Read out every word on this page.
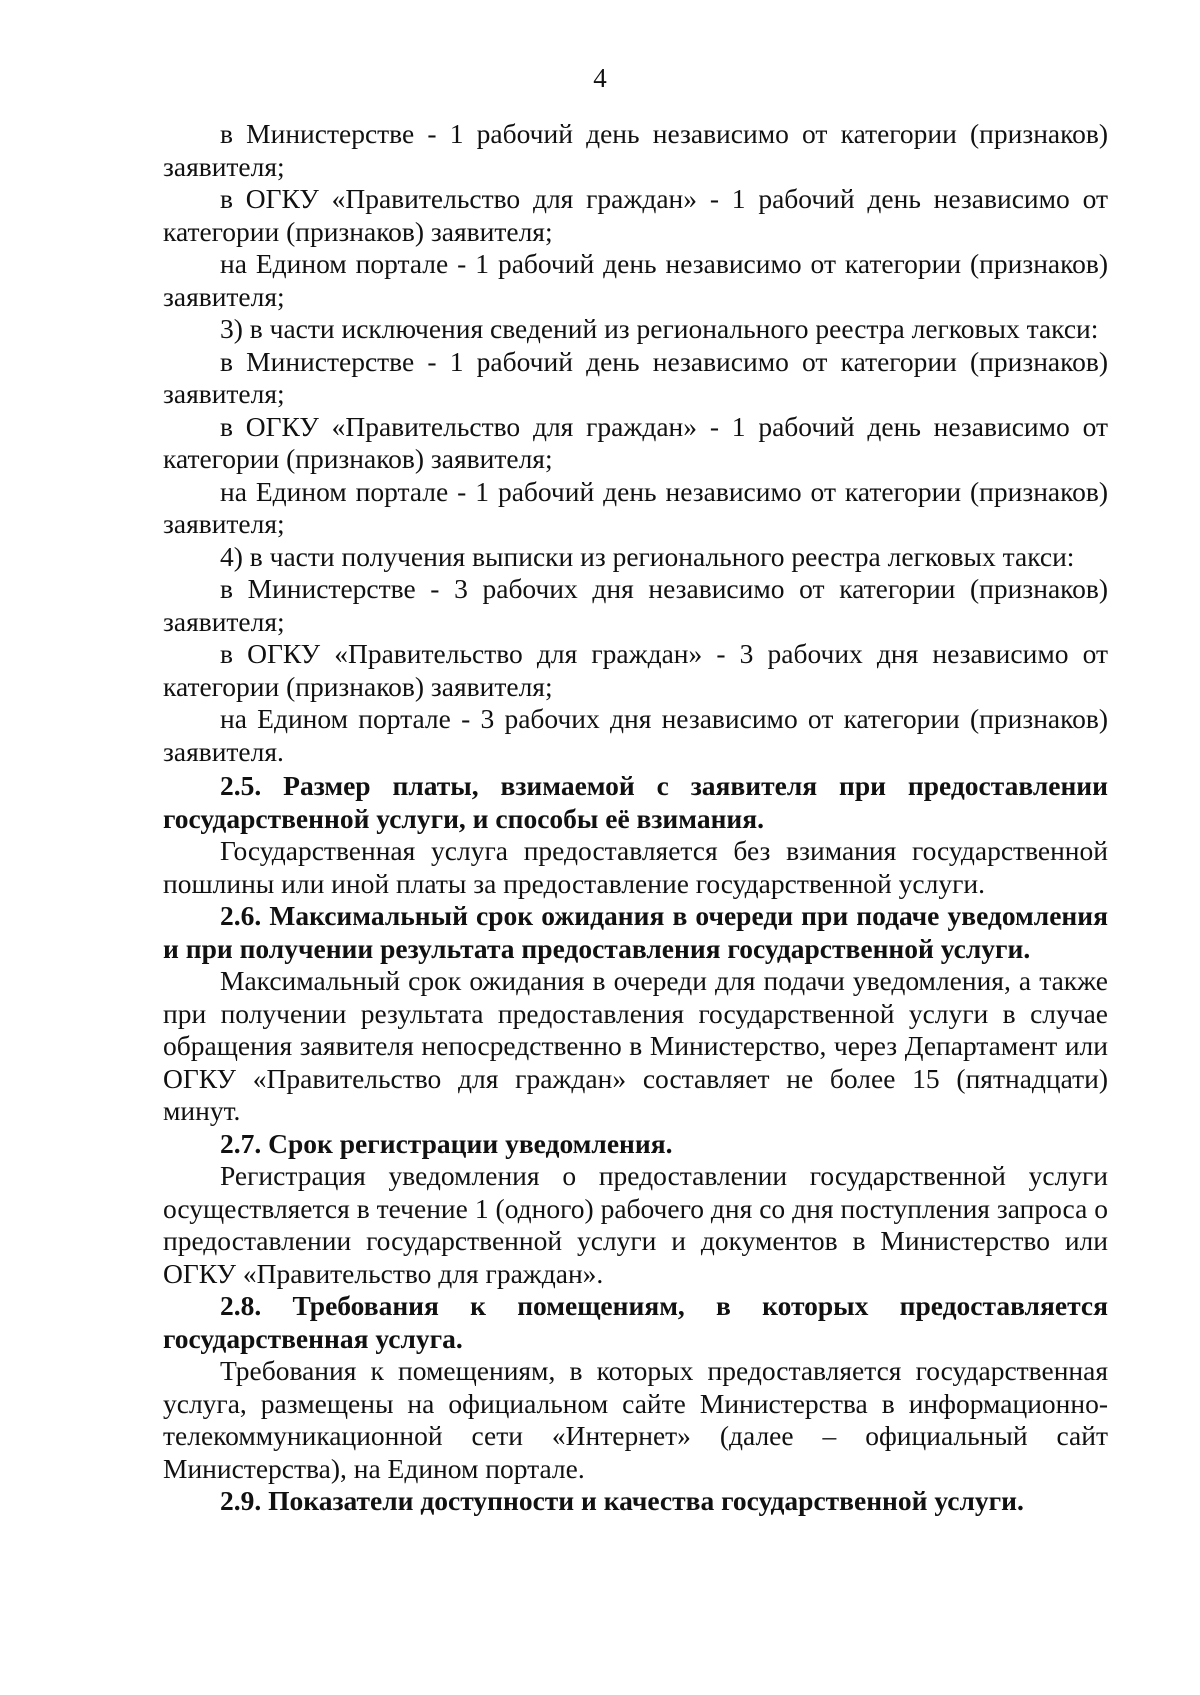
4

в Министерстве - 1 рабочий день независимо от категории (признаков) заявителя;

в ОГКУ «Правительство для граждан» - 1 рабочий день независимо от категории (признаков) заявителя;

на Едином портале - 1 рабочий день независимо от категории (признаков) заявителя;

3) в части исключения сведений из регионального реестра легковых такси:

в Министерстве - 1 рабочий день независимо от категории (признаков) заявителя;

в ОГКУ «Правительство для граждан» - 1 рабочий день независимо от категории (признаков) заявителя;

на Едином портале - 1 рабочий день независимо от категории (признаков) заявителя;

4) в части получения выписки из регионального реестра легковых такси:

в Министерстве - 3 рабочих дня независимо от категории (признаков) заявителя;

в ОГКУ «Правительство для граждан» - 3 рабочих дня независимо от категории (признаков) заявителя;

на Едином портале - 3 рабочих дня независимо от категории (признаков) заявителя.

2.5. Размер платы, взимаемой с заявителя при предоставлении государственной услуги, и способы её взимания.

Государственная услуга предоставляется без взимания государственной пошлины или иной платы за предоставление государственной услуги.

2.6. Максимальный срок ожидания в очереди при подаче уведомления и при получении результата предоставления государственной услуги.

Максимальный срок ожидания в очереди для подачи уведомления, а также при получении результата предоставления государственной услуги в случае обращения заявителя непосредственно в Министерство, через Департамент или ОГКУ «Правительство для граждан» составляет не более 15 (пятнадцати) минут.

2.7. Срок регистрации уведомления.

Регистрация уведомления о предоставлении государственной услуги осуществляется в течение 1 (одного) рабочего дня со дня поступления запроса о предоставлении государственной услуги и документов в Министерство или ОГКУ «Правительство для граждан».

2.8. Требования к помещениям, в которых предоставляется государственная услуга.

Требования к помещениям, в которых предоставляется государственная услуга, размещены на официальном сайте Министерства в информационно-телекоммуникационной сети «Интернет» (далее – официальный сайт Министерства), на Едином портале.

2.9. Показатели доступности и качества государственной услуги.
